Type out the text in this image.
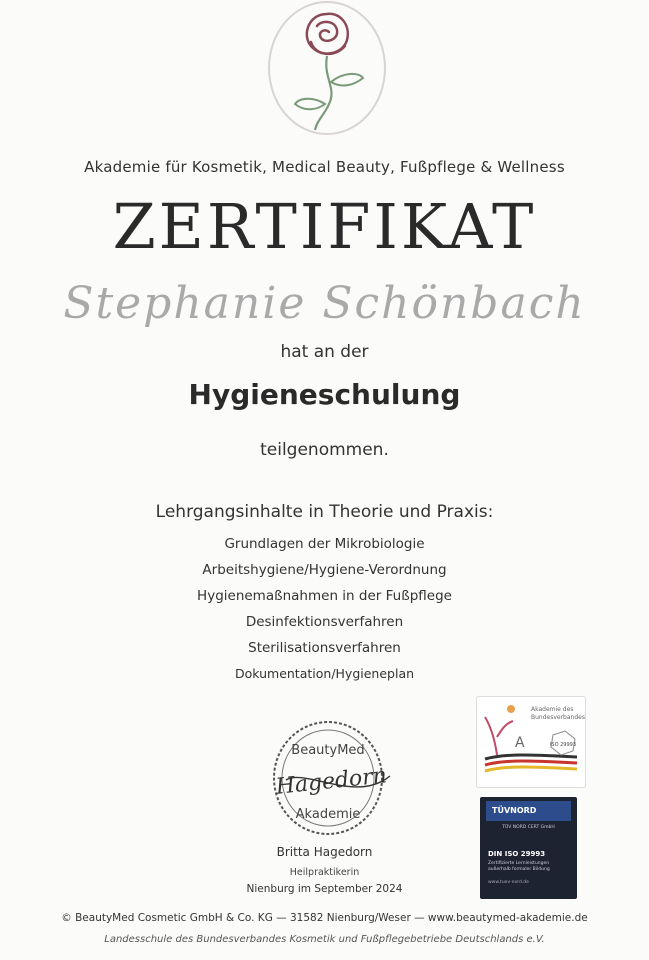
Akademie für Kosmetik, Medical Beauty, Fußpflege & Wellness
ZERTIFIKAT
Stephanie Schönbach
hat an der
Hygieneschulung
teilgenommen.
Lehrgangsinhalte in Theorie und Praxis:
Grundlagen der Mikrobiologie
Arbeitshygiene/Hygiene-Verordnung
Hygienemaßnahmen in der Fußpflege
Desinfektionsverfahren
Sterilisationsverfahren
Dokumentation/Hygieneplan
BeautyMed
Akademie
Hagedorn
Britta Hagedorn
Heilpraktikerin
Nienburg im September 2024
A
Akademie des
Bundesverbandes
ISO 29993
TÜVNORD
TÜV NORD CERT GmbH
DIN ISO 29993
Zertifizierte Lernleistungen
außerhalb formaler Bildung
www.tuev-nord.de
© BeautyMed Cosmetic GmbH & Co. KG — 31582 Nienburg/Weser — www.beautymed-akademie.de
Landesschule des Bundesverbandes Kosmetik und Fußpflegebetriebe Deutschlands e.V.
